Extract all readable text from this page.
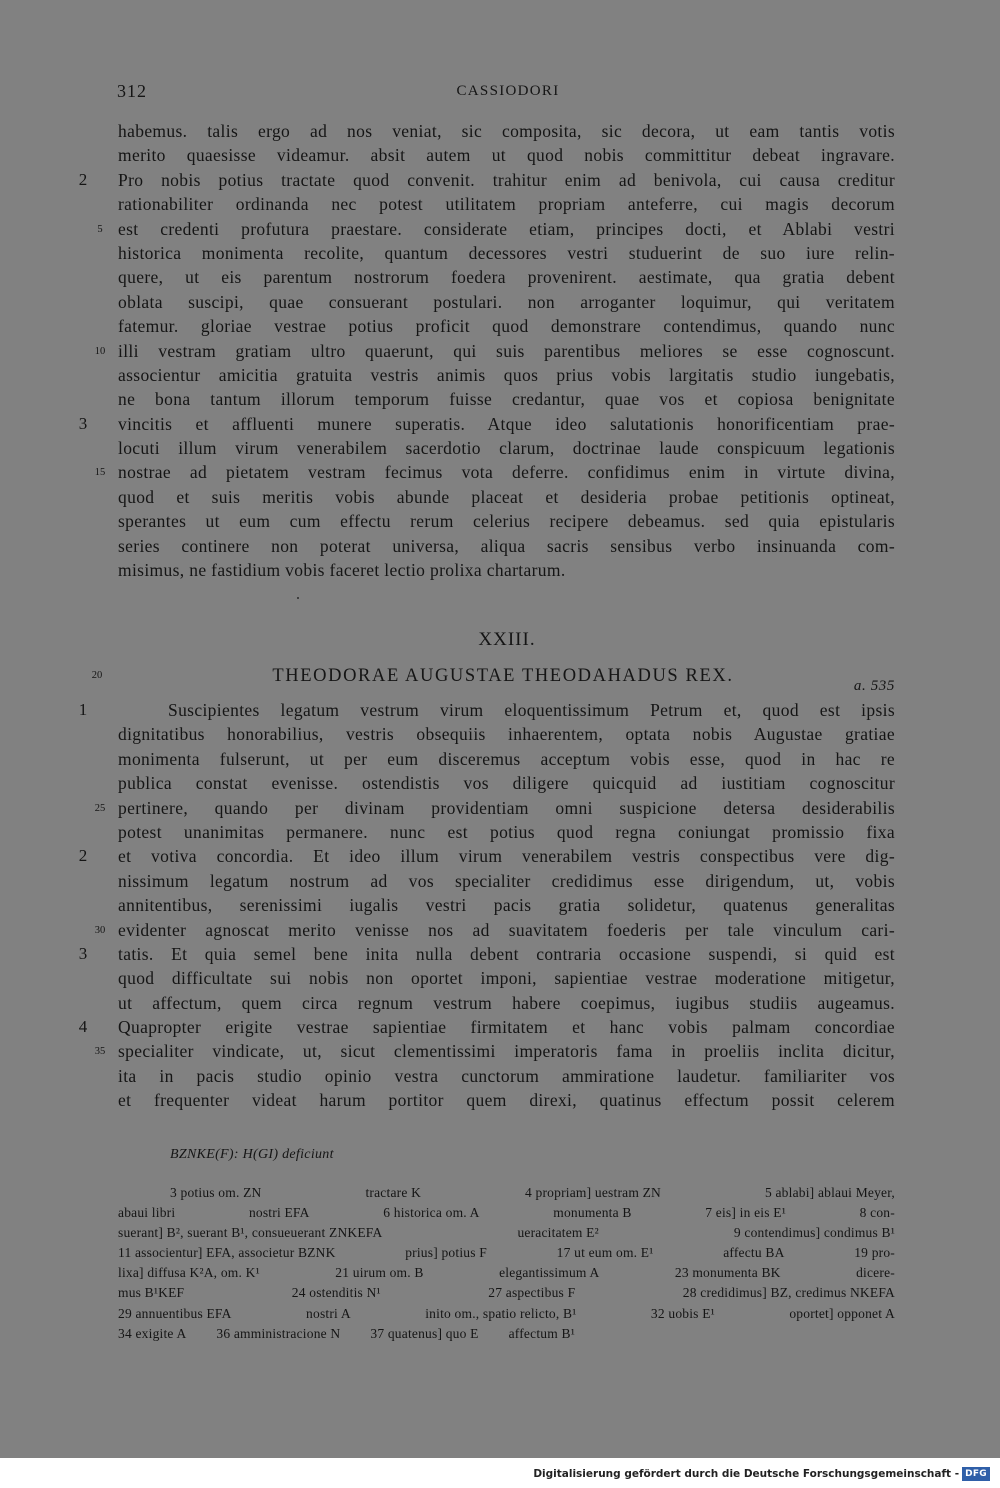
312	CASSIODORI
habemus. talis ergo ad nos veniat, sic composita, sic decora, ut eam tantis votis
merito quaesisse videamur. absit autem ut quod nobis committitur debeat ingravare.
2 Pro nobis potius tractate quod convenit. trahitur enim ad benivola, cui causa creditur
rationabiliter ordinanda nec potest utilitatem propriam anteferre, cui magis decorum
5 est credenti profutura praestare. considerate etiam, principes docti, et Ablabi vestri
historica monimenta recolite, quantum decessores vestri studuerint de suo iure relin-
quere, ut eis parentum nostrorum foedera provenirent. aestimate, qua gratia debent
oblata suscipi, quae consuerant postulari. non arroganter loquimur, qui veritatem
fatemur. gloriae vestrae potius proficit quod demonstrare contendimus, quando nunc
10 illi vestram gratiam ultro quaerunt, qui suis parentibus meliores se esse cognoscunt.
associentur amicitia gratuita vestris animis quos prius vobis largitatis studio iungebatis,
ne bona tantum illorum temporum fuisse credantur, quae vos et copiosa benignitate
3 vincitis et affluenti munere superatis. Atque ideo salutationis honorificentiam prae-
locuti illum virum venerabilem sacerdotio clarum, doctrinae laude conspicuum legationis
15 nostrae ad pietatem vestram fecimus vota deferre. confidimus enim in virtute divina,
quod et suis meritis vobis abunde placeat et desideria probae petitionis optineat,
sperantes ut eum cum effectu rerum celerius recipere debeamus. sed quia epistularis
series continere non poterat universa, aliqua sacris sensibus verbo insinuanda com-
misimus, ne fastidium vobis faceret lectio prolixa chartarum.
XXIII.
20	THEODORAE AUGUSTAE THEODAHADUS REX.	a. 535
1	Suscipientes legatum vestrum virum eloquentissimum Petrum et, quod est ipsis
dignitatibus honorabilius, vestris obsequiis inhaerentem, optata nobis Augustae gratiae
monimenta fulserunt, ut per eum disceremus acceptum vobis esse, quod in hac re
publica constat evenisse. ostendistis vos diligere quicquid ad iustitiam cognoscitur
25 pertinere, quando per divinam providentiam omni suspicione detersa desiderabilis
potest unanimitas permanere. nunc est potius quod regna coniungat promissio fixa
2 et votiva concordia. Et ideo illum virum venerabilem vestris conspectibus vere dig-
nissimum legatum nostrum ad vos specialiter credidimus esse dirigendum, ut, vobis
annitentibus, serenissimi iugalis vestri pacis gratia solidetur, quatenus generalitas
30 evidenter agnoscat merito venisse nos ad suavitatem foederis per tale vinculum cari-
3 tatis. Et quia semel bene inita nulla debent contraria occasione suspendi, si quid est
quod difficultate sui nobis non oportet imponi, sapientiae vestrae moderatione mitigetur,
ut affectum, quem circa regnum vestrum habere coepimus, iugibus studiis augeamus.
4 Quapropter erigite vestrae sapientiae firmitatem et hanc vobis palmam concordiae
35 specialiter vindicate, ut, sicut clementissimi imperatoris fama in proeliis inclita dicitur,
ita in pacis studio opinio vestra cunctorum ammiratione laudetur. familiariter vos
et frequenter videat harum portitor quem direxi, quatinus effectum possit celerem
BZNKE(F): H(GI) deficiunt
3 potius om. ZN	tractare K	4 propriam] uestram ZN	5 ablabi] ablaui Meyer,
abaui libri	nostri EFA	6 historica om. A	monumenta B	7 eis] in eis E¹	8 con-
suerant] B², suerant B¹, consueuerant ZNKEFA	ueracitatem E²	9 contendimus] condimus B¹
11 associentur] EFA, associetur BZNK	prius] potius F	17 ut eum om. E¹	affectu BA	19 pro-
lixa] diffusa K²A, om. K¹	21 uirum om. B	elegantissimum A	23 monumenta BK	dicere-
mus B¹KEF	24 ostenditis N¹	27 aspectibus F	28 credidimus] BZ, credimus NKEFA
29 annuentibus EFA	nostri A	inito om., spatio relicto, B¹	32 uobis E¹	oportet] opponet A
34 exigite A 36 amministracione N 37 quatenus] quo E affectum B¹
Digitalisierung gefördert durch die Deutsche Forschungsgemeinschaft - DFG
